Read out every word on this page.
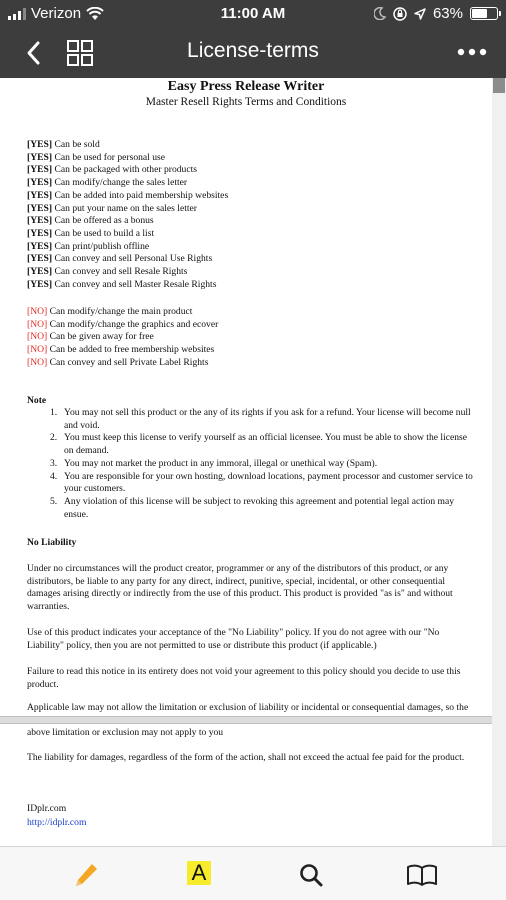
Verizon	11:00 AM	63%
License-terms
Easy Press Release Writer
Master Resell Rights Terms and Conditions
[YES] Can be sold
[YES] Can be used for personal use
[YES] Can be packaged with other products
[YES] Can modify/change the sales letter
[YES] Can be added into paid membership websites
[YES] Can put your name on the sales letter
[YES] Can be offered as a bonus
[YES] Can be used to build a list
[YES] Can print/publish offline
[YES] Can convey and sell Personal Use Rights
[YES] Can convey and sell Resale Rights
[YES] Can convey and sell Master Resale Rights
[NO] Can modify/change the main product
[NO] Can modify/change the graphics and ecover
[NO] Can be given away for free
[NO] Can be added to free membership websites
[NO] Can convey and sell Private Label Rights
Note
1. You may not sell this product or the any of its rights if you ask for a refund. Your license will become null
and void.
2. You must keep this license to verify yourself as an official licensee. You must be able to show the license
on demand.
3. You may not market the product in any immoral, illegal or unethical way (Spam).
4. You are responsible for your own hosting, download locations, payment processor and customer service to
your customers.
5. Any violation of this license will be subject to revoking this agreement and potential legal action may
ensue.
No Liability
Under no circumstances will the product creator, programmer or any of the distributors of this product, or any
distributors, be liable to any party for any direct, indirect, punitive, special, incidental, or other consequential
damages arising directly or indirectly from the use of this product. This product is provided "as is" and without
warranties.
Use of this product indicates your acceptance of the "No Liability" policy. If you do not agree with our "No
Liability" policy, then you are not permitted to use or distribute this product (if applicable.)
Failure to read this notice in its entirety does not void your agreement to this policy should you decide to use this
product.
Applicable law may not allow the limitation or exclusion of liability or incidental or consequential damages, so the
above limitation or exclusion may not apply to you
The liability for damages, regardless of the form of the action, shall not exceed the actual fee paid for the product.
IDplr.com
http://idplr.com
A
